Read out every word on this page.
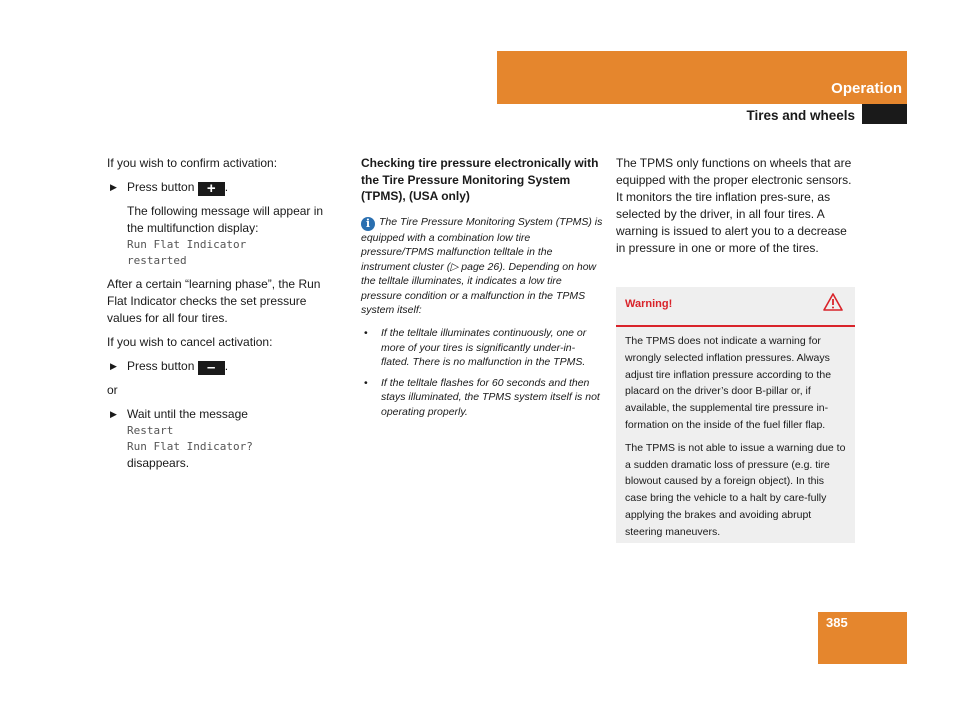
Operation
Tires and wheels

If you wish to confirm activation:

▶ Press button + .
The following message will appear in the multifunction display:
Run Flat Indicator
restarted

After a certain “learning phase”, the Run Flat Indicator checks the set pressure values for all four tires.

If you wish to cancel activation:

▶ Press button – .

or

▶ Wait until the message
Restart
Run Flat Indicator?
disappears.
Checking tire pressure electronically with the Tire Pressure Monitoring System (TPMS), (USA only)
i The Tire Pressure Monitoring System (TPMS) is equipped with a combination low tire pressure/TPMS malfunction telltale in the instrument cluster (▷ page 26). Depending on how the telltale illuminates, it indicates a low tire pressure condition or a malfunction in the TPMS system itself:
• If the telltale illuminates continuously, one or more of your tires is significantly under-in-flated. There is no malfunction in the TPMS.
• If the telltale flashes for 60 seconds and then stays illuminated, the TPMS system itself is not operating properly.

The TPMS only functions on wheels that are equipped with the proper electronic sensors. It monitors the tire inflation pres-sure, as selected by the driver, in all four tires. A warning is issued to alert you to a decrease in pressure in one or more of the tires.

Warning!

The TPMS does not indicate a warning for wrongly selected inflation pressures. Always adjust tire inflation pressure according to the placard on the driver’s door B-pillar or, if available, the supplemental tire pressure in-formation on the inside of the fuel filler flap.

The TPMS is not able to issue a warning due to a sudden dramatic loss of pressure (e.g. tire blowout caused by a foreign object). In this case bring the vehicle to a halt by care-fully applying the brakes and avoiding abrupt steering maneuvers.

385
